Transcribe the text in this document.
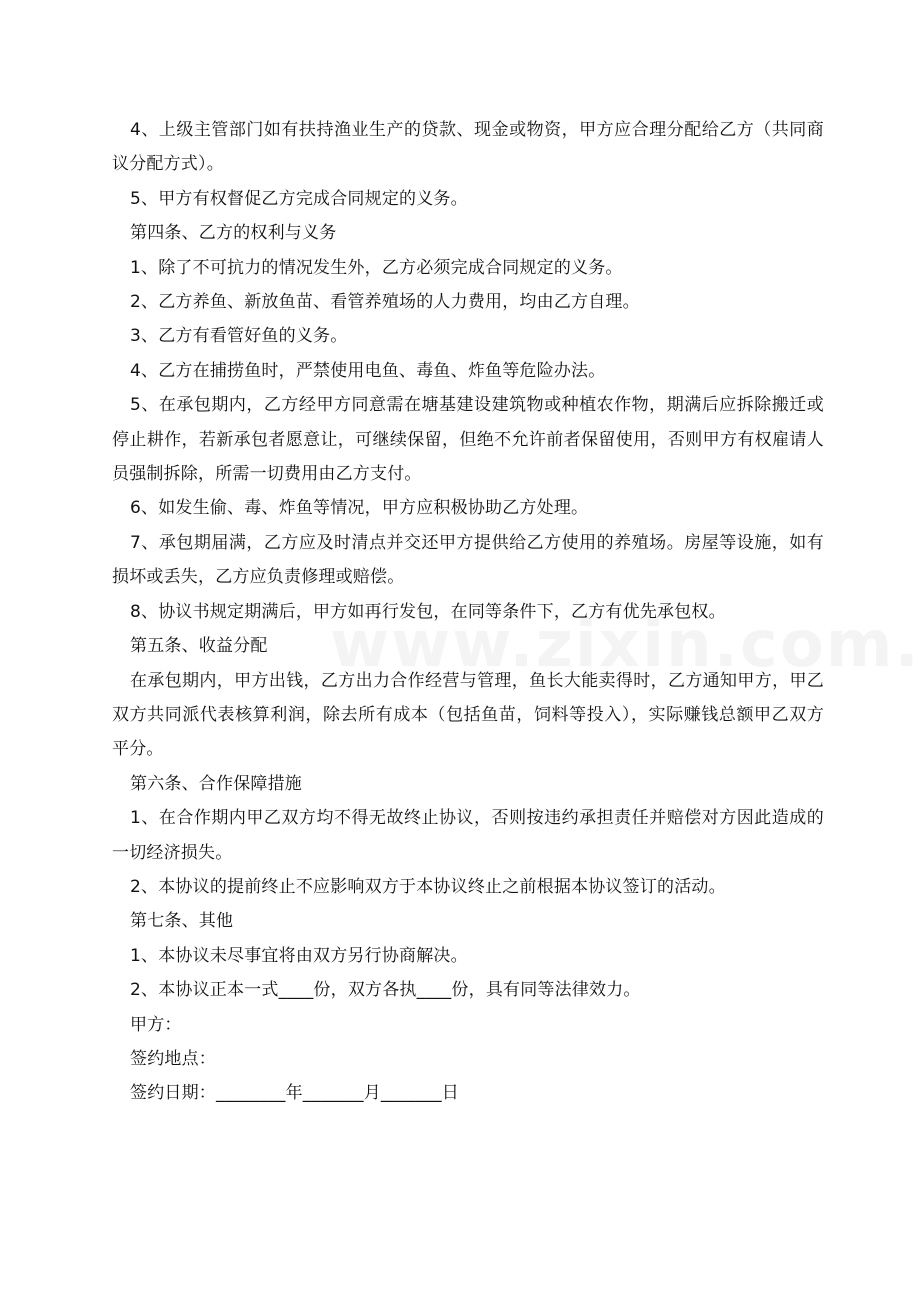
4、上级主管部门如有扶持渔业生产的贷款、现金或物资，甲方应合理分配给乙方（共同商议分配方式）。

5、甲方有权督促乙方完成合同规定的义务。

第四条、乙方的权利与义务

1、除了不可抗力的情况发生外，乙方必须完成合同规定的义务。

2、乙方养鱼、新放鱼苗、看管养殖场的人力费用，均由乙方自理。

3、乙方有看管好鱼的义务。

4、乙方在捕捞鱼时，严禁使用电鱼、毒鱼、炸鱼等危险办法。

5、在承包期内，乙方经甲方同意需在塘基建设建筑物或种植农作物，期满后应拆除搬迁或停止耕作，若新承包者愿意让，可继续保留，但绝不允许前者保留使用，否则甲方有权雇请人员强制拆除，所需一切费用由乙方支付。

6、如发生偷、毒、炸鱼等情况，甲方应积极协助乙方处理。

7、承包期届满，乙方应及时清点并交还甲方提供给乙方使用的养殖场。房屋等设施，如有损坏或丢失，乙方应负责修理或赔偿。

8、协议书规定期满后，甲方如再行发包，在同等条件下，乙方有优先承包权。

第五条、收益分配

在承包期内，甲方出钱，乙方出力合作经营与管理，鱼长大能卖得时，乙方通知甲方，甲乙双方共同派代表核算利润，除去所有成本（包括鱼苗，饲料等投入），实际赚钱总额甲乙双方平分。

第六条、合作保障措施

1、在合作期内甲乙双方均不得无故终止协议，否则按违约承担责任并赔偿对方因此造成的一切经济损失。

2、本协议的提前终止不应影响双方于本协议终止之前根据本协议签订的活动。

第七条、其他

1、本协议未尽事宜将由双方另行协商解决。

2、本协议正本一式____份，双方各执____份，具有同等法律效力。

甲方：

签约地点：

签约日期：________年_______月_______日
